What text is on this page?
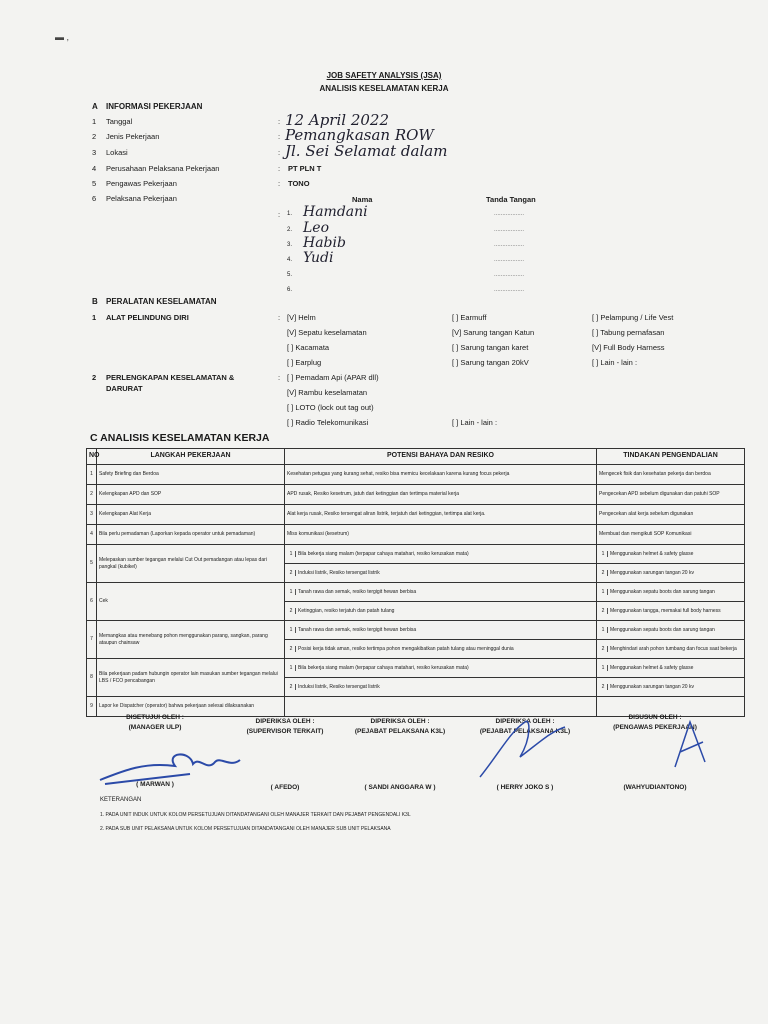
▬ ,
JOB SAFETY ANALYSIS (JSA)
ANALISIS KESELAMATAN KERJA
A INFORMASI PEKERJAAN
1 Tanggal	: 12 April 2022
2 Jenis Pekerjaan	: Pemangkasan ROW
3 Lokasi	: Jl. Sei Selamat dalam
4 Perusahaan Pelaksana Pekerjaan	: PT PLN T
5 Pengawas Pekerjaan	: TONO
6 Pelaksana Pekerjaan	Nama	Tanda Tangan
: 1. Hamdani	..................
2. Leo	..................
3. Habib	..................
4. Yudi	..................
5.	..................
6.	..................
B PERALATAN KESELAMATAN
1 ALAT PELINDUNG DIRI	: [V] Helm
[V] Sepatu keselamatan
[ ] Kacamata
[ ] Earplug
[ ] Earmuff
[V] Sarung tangan Katun
[ ] Sarung tangan karet
[ ] Sarung tangan 20kV
[ ] Pelampung / Life Vest
[ ] Tabung pernafasan
[V] Full Body Harness
[ ] Lain - lain :
2 PERLENGKAPAN KESELAMATAN &
DARURAT
: [ ] Pemadam Api (APAR dll)
[V] Rambu keselamatan
[ ] LOTO (lock out tag out)
[ ] Radio Telekomunikasi	[ ] Lain - lain :
C ANALISIS KESELAMATAN KERJA
NO	LANGKAH PEKERJAAN	POTENSI BAHAYA DAN RESIKO	TINDAKAN PENGENDALIAN
1	Safety Briefing dan Berdoa	Kesehatan petugas yang kurang sehat, resiko bisa memicu kecelakaan karena kurang focus pekerja	Mengecek fisik dan kesehatan pekerja dan berdoa
2	Kelengkapan APD dan SOP	APD rusak, Resiko kesetrum, jatuh dari ketinggian dan tertimpa material kerja	Pengecekan APD sebelum digunakan dan patuhi SOP
3	Kelengkapan Alat Kerja	Alat kerja rusak, Resiko tersengat aliran listrik, terjatuh dari ketinggian, tertimpa alat kerja.	Pengecekan alat kerja sebelum digunakan
4	Bila perlu pemadaman (Laporkan kepada operator untuk pemadaman)	Miss komunikasi (kesetrum)	Membuat dan mengikuti SOP Komunikasi
5	Melepaskan sumber tegangan melalui Cut Out pemadangan atau lepas dari pangkal (kubikel)	1 Bila bekerja siang malam (terpapar cahaya matahari, resiko kerusakan mata)	1 Menggunakan helmet & safety glasse

		2 Induksi listrik, Resiko tersengat listrik	2 Menggunakan sarungan tangan 20 kv

6	Cek	1 Tanah rawa dan semak, resiko tergigit hewan berbisa	1 Menggunakan sepatu boots dan sarung tangan

		2 Ketinggian, resiko terjatuh dan patah tulang	2 Menggunakan tangga, memakai full body harness

7	Memangkas atau menebang pohon menggunakan parang, sangkan, parang ataupun chainsaw	1 Tanah rawa dan semak, resiko tergigit hewan berbisa	1 Menggunakan sepatu boots dan sarung tangan

		2 Posisi kerja tidak aman, resiko tertimpa pohon mengakibatkan patah tulang atau meninggal dunia	2 Menghindari arah pohon tumbang dan focus saat bekerja

8	Bila pekerjaan padam hubungin operator lain masukan sumber tegangan melalui LBS / FCO pencabangan	1 Bila bekerja siang malam (terpapar cahaya matahari, resiko kerusakan mata)	1 Menggunakan helmet & safety glasse

		2 Induksi listrik, Resiko tersengat listrik	2 Menggunakan sarungan tangan 20 kv

9	Lapor ke Dispatcher (operator) bahwa pekerjaan selesai dilaksanakan		
DISETUJUI OLEH :
(MANAGER ULP)
( MARWAN )
DIPERIKSA OLEH :
(SUPERVISOR TERKAIT)
( AFEDO)
DIPERIKSA OLEH :
(PEJABAT PELAKSANA K3L)
( SANDI ANGGARA W )
DIPERIKSA OLEH :
(PEJABAT PELAKSANA K3L)
( HERRY JOKO S )
DISUSUN OLEH :
(PENGAWAS PEKERJAAN)
(WAHYUDIANTONO)
KETERANGAN
1. PADA UNIT INDUK UNTUK KOLOM PERSETUJUAN DITANDATANGANI OLEH MANAJER TERKAIT DAN PEJABAT PENGENDALI K3L
2. PADA SUB UNIT PELAKSANA UNTUK KOLOM PERSETUJUAN DITANDATANGANI OLEH MANAJER SUB UNIT PELAKSANA
